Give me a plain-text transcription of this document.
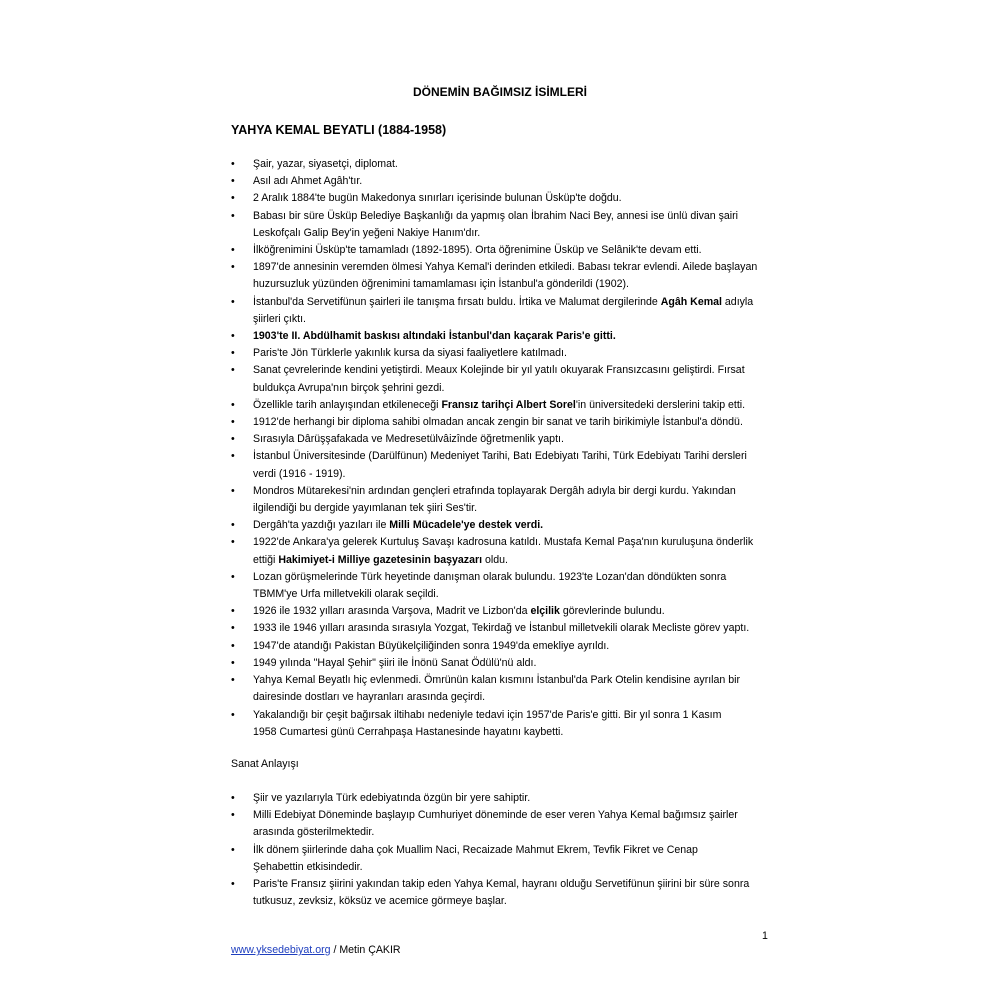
DÖNEMİN BAĞIMSIZ İSİMLERİ
YAHYA KEMAL BEYATLI (1884-1958)
• Şair, yazar, siyasetçi, diplomat.
• Asıl adı Ahmet Agâh'tır.
• 2 Aralık 1884'te bugün Makedonya sınırları içerisinde bulunan Üsküp'te doğdu.
• Babası bir süre Üsküp Belediye Başkanlığı da yapmış olan İbrahim Naci Bey, annesi ise ünlü divan şairi
Leskofçalı Galip Bey'in yeğeni Nakiye Hanım'dır.
• İlköğrenimini Üsküp'te tamamladı (1892-1895). Orta öğrenimine Üsküp ve Selânik'te devam etti.
• 1897'de annesinin veremden ölmesi Yahya Kemal'i derinden etkiledi. Babası tekrar evlendi. Ailede başlayan
huzursuzluk yüzünden öğrenimini tamamlaması için İstanbul'a gönderildi (1902).
• İstanbul'da Servetifünun şairleri ile tanışma fırsatı buldu. İrtika ve Malumat dergilerinde Agâh Kemal adıyla
şiirleri çıktı.
• 1903'te II. Abdülhamit baskısı altındaki İstanbul'dan kaçarak Paris'e gitti.
• Paris'te Jön Türklerle yakınlık kursa da siyasi faaliyetlere katılmadı.
• Sanat çevrelerinde kendini yetiştirdi. Meaux Kolejinde bir yıl yatılı okuyarak Fransızcasını geliştirdi. Fırsat
buldukça Avrupa'nın birçok şehrini gezdi.
• Özellikle tarih anlayışından etkileneceği Fransız tarihçi Albert Sorel'in üniversitedeki derslerini takip etti.
• 1912'de herhangi bir diploma sahibi olmadan ancak zengin bir sanat ve tarih birikimiyle İstanbul'a döndü.
• Sırasıyla Dârüşşafakada ve Medresetülvâizînde öğretmenlik yaptı.
• İstanbul Üniversitesinde (Darülfünun) Medeniyet Tarihi, Batı Edebiyatı Tarihi, Türk Edebiyatı Tarihi dersleri
verdi (1916 - 1919).
• Mondros Mütarekesi'nin ardından gençleri etrafında toplayarak Dergâh adıyla bir dergi kurdu. Yakından
ilgilendiği bu dergide yayımlanan tek şiiri Ses'tir.
• Dergâh'ta yazdığı yazıları ile Milli Mücadele'ye destek verdi.
• 1922'de Ankara'ya gelerek Kurtuluş Savaşı kadrosuna katıldı. Mustafa Kemal Paşa'nın kuruluşuna önderlik
ettiği Hakimiyet-i Milliye gazetesinin başyazarı oldu.
• Lozan görüşmelerinde Türk heyetinde danışman olarak bulundu. 1923'te Lozan'dan döndükten sonra
TBMM'ye Urfa milletvekili olarak seçildi.
• 1926 ile 1932 yılları arasında Varşova, Madrit ve Lizbon'da elçilik görevlerinde bulundu.
• 1933 ile 1946 yılları arasında sırasıyla Yozgat, Tekirdağ ve İstanbul milletvekili olarak Mecliste görev yaptı.
• 1947'de atandığı Pakistan Büyükelçiliğinden sonra 1949'da emekliye ayrıldı.
• 1949 yılında "Hayal Şehir" şiiri ile İnönü Sanat Ödülü'nü aldı.
• Yahya Kemal Beyatlı hiç evlenmedi. Ömrünün kalan kısmını İstanbul'da Park Otelin kendisine ayrılan bir
dairesinde dostları ve hayranları arasında geçirdi.
• Yakalandığı bir çeşit bağırsak iltihabı nedeniyle tedavi için 1957'de Paris'e gitti. Bir yıl sonra 1 Kasım
1958 Cumartesi günü Cerrahpaşa Hastanesinde hayatını kaybetti.
Sanat Anlayışı
• Şiir ve yazılarıyla Türk edebiyatında özgün bir yere sahiptir.
• Milli Edebiyat Döneminde başlayıp Cumhuriyet döneminde de eser veren Yahya Kemal bağımsız şairler
arasında gösterilmektedir.
• İlk dönem şiirlerinde daha çok Muallim Naci, Recaizade Mahmut Ekrem, Tevfik Fikret ve Cenap
Şehabettin etkisindedir.
• Paris'te Fransız şiirini yakından takip eden Yahya Kemal, hayranı olduğu Servetifünun şiirini bir süre sonra
tutkusuz, zevksiz, köksüz ve acemice görmeye başlar.
1
www.yksedebiyat.org / Metin ÇAKIR
